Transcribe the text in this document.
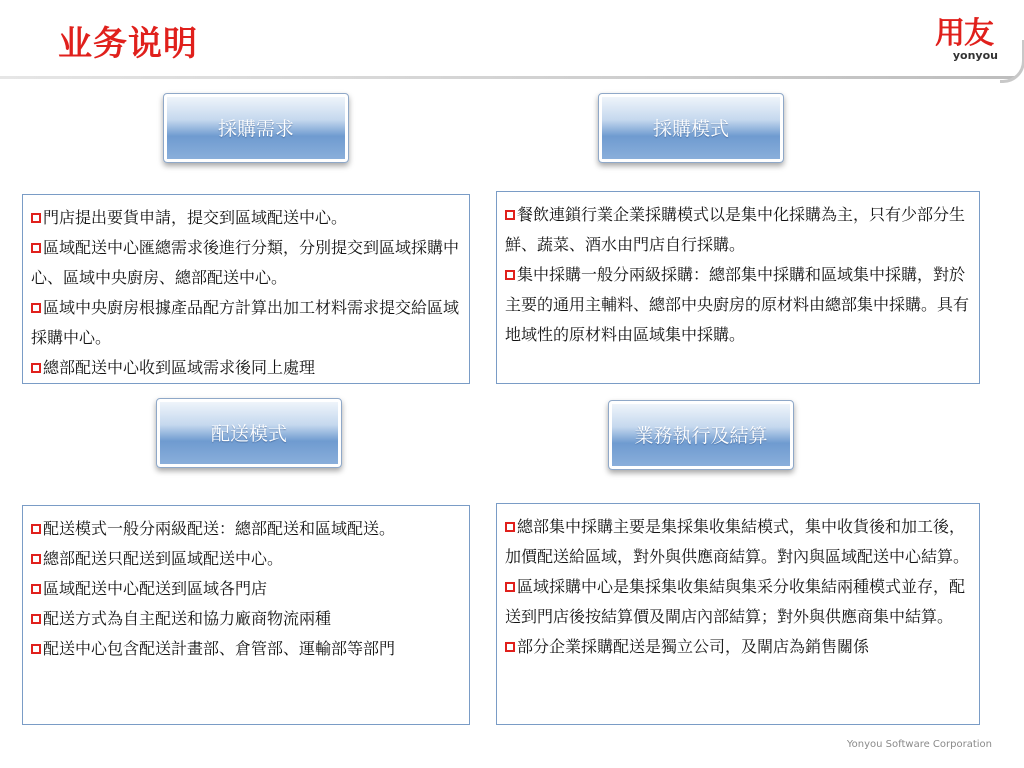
业务说明	用友
yonyou
採購需求

門店提出要貨申請，提交到區域配送中心。

區域配送中心匯總需求後進行分類，分別提交到區域採購中心、區域中央廚房、總部配送中心。

區域中央廚房根據產品配方計算出加工材料需求提交給區域採購中心。

總部配送中心收到區域需求後同上處理

採購模式

餐飲連鎖行業企業採購模式以是集中化採購為主，只有少部分生鮮、蔬菜、酒水由門店自行採購。

集中採購一般分兩級採購：總部集中採購和區域集中採購，對於主要的通用主輔料、總部中央廚房的原材料由總部集中採購。具有地域性的原材料由區域集中採購。

配送模式

配送模式一般分兩級配送：總部配送和區域配送。

總部配送只配送到區域配送中心。

區域配送中心配送到區域各門店

配送方式為自主配送和協力廠商物流兩種

配送中心包含配送計畫部、倉管部、運輸部等部門

業務執行及結算

總部集中採購主要是集採集收集結模式，集中收貨後和加工後，加價配送給區域，對外與供應商結算。對內與區域配送中心結算。

區域採購中心是集採集收集結與集采分收集結兩種模式並存，配送到門店後按結算價及閘店內部結算；對外與供應商集中結算。

部分企業採購配送是獨立公司，及閘店為銷售關係

Yonyou Software Corporation
